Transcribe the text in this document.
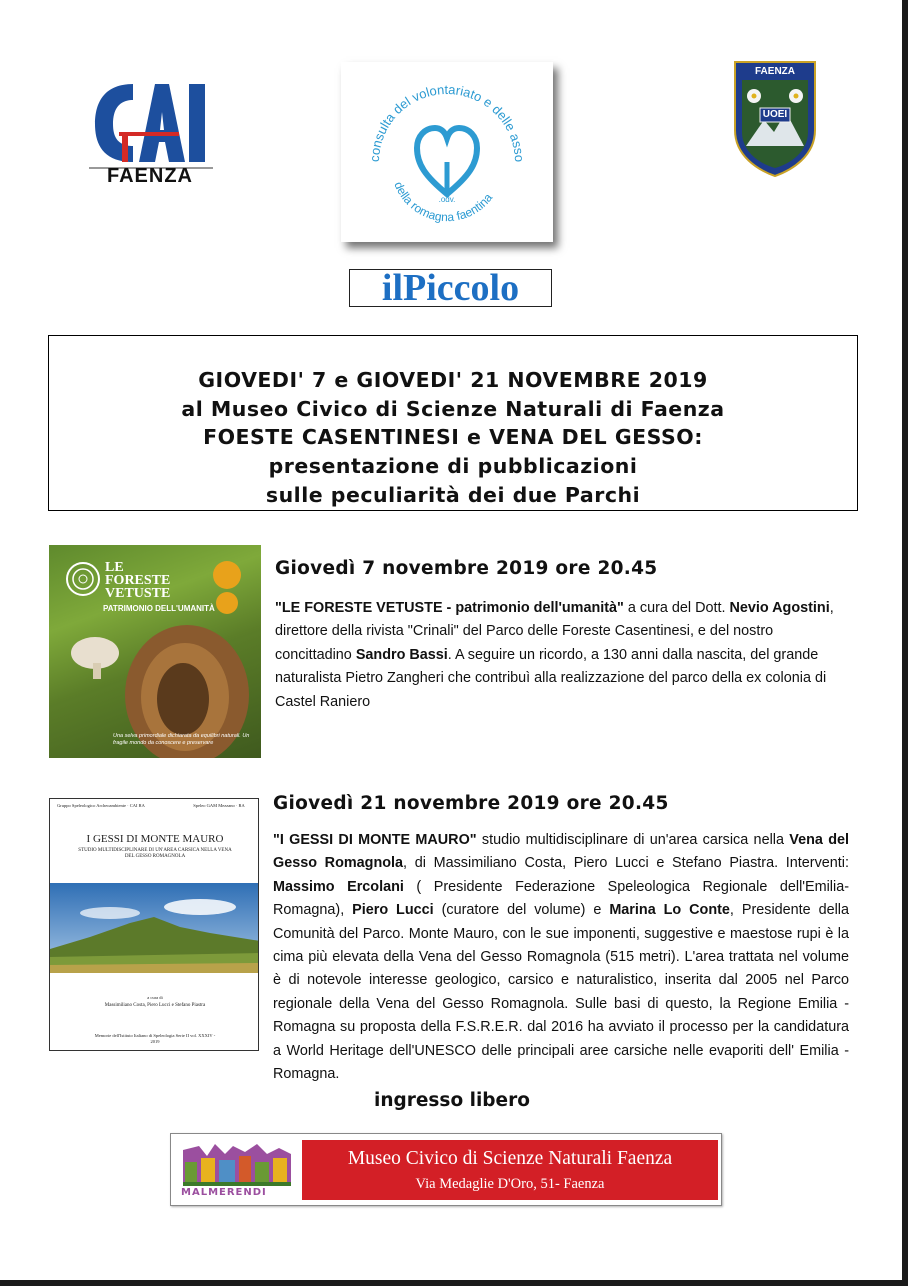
FAENZA
consulta del volontariato e delle asso
.odv.
della romagna faentina
FAENZA
UOEI
ilPiccolo
GIOVEDI' 7 e GIOVEDI' 21 NOVEMBRE 2019
al Museo Civico di Scienze Naturali di Faenza
FOESTE CASENTINESI e VENA DEL GESSO:
presentazione di pubblicazioni
sulle peculiarità dei due Parchi
LE
FORESTE
VETUSTE
PATRIMONIO DELL'UMANITÀ
Una selva primordiale dichiarata da equilibri naturali. Un fragile mondo da conoscere e preservare
Giovedì 7 novembre 2019 ore 20.45

"LE FORESTE VETUSTE - patrimonio dell'umanità" a cura del Dott. Nevio Agostini, direttore della rivista "Crinali" del Parco delle Foreste Casentinesi, e del nostro concittadino Sandro Bassi. A seguire un ricordo, a 130 anni dalla nascita, del grande naturalista Pietro Zangheri che contribuì alla realizzazione del parco della ex colonia di Castel Raniero

Gruppo Speleologico Archeoambiente · CAI RA	Speleo GAM Mezzano · RA
I GESSI DI MONTE MAURO
STUDIO MULTIDISCIPLINARE DI UN'AREA CARSICA NELLA VENA DEL GESSO ROMAGNOLA
a cura di
Massimiliano Costa, Piero Lucci e Stefano Piastra
Memorie dell'Istituto Italiano di Speleologia Serie II vol. XXXIV - 2019
Giovedì 21 novembre 2019 ore 20.45

"I GESSI DI MONTE MAURO" studio multidisciplinare di un'area carsica nella Vena del Gesso Romagnola, di Massimiliano Costa, Piero Lucci e Stefano Piastra. Interventi: Massimo Ercolani ( Presidente Federazione Speleologica Regionale dell'Emilia-Romagna), Piero Lucci (curatore del volume) e Marina Lo Conte, Presidente della Comunità del Parco. Monte Mauro, con le sue imponenti, suggestive e maestose rupi è la cima più elevata della Vena del Gesso Romagnola (515 metri). L'area trattata nel volume è di notevole interesse geologico, carsico e naturalistico, inserita dal 2005 nel Parco regionale della Vena del Gesso Romagnola. Sulle basi di questo, la Regione Emilia - Romagna su proposta della F.S.R.E.R. dal 2016 ha avviato il processo per la candidatura a World Heritage dell'UNESCO delle principali aree carsiche nelle evaporiti dell' Emilia - Romagna.

ingresso libero
MALMERENDI
Museo Civico di Scienze Naturali Faenza
Via Medaglie D'Oro, 51- Faenza
